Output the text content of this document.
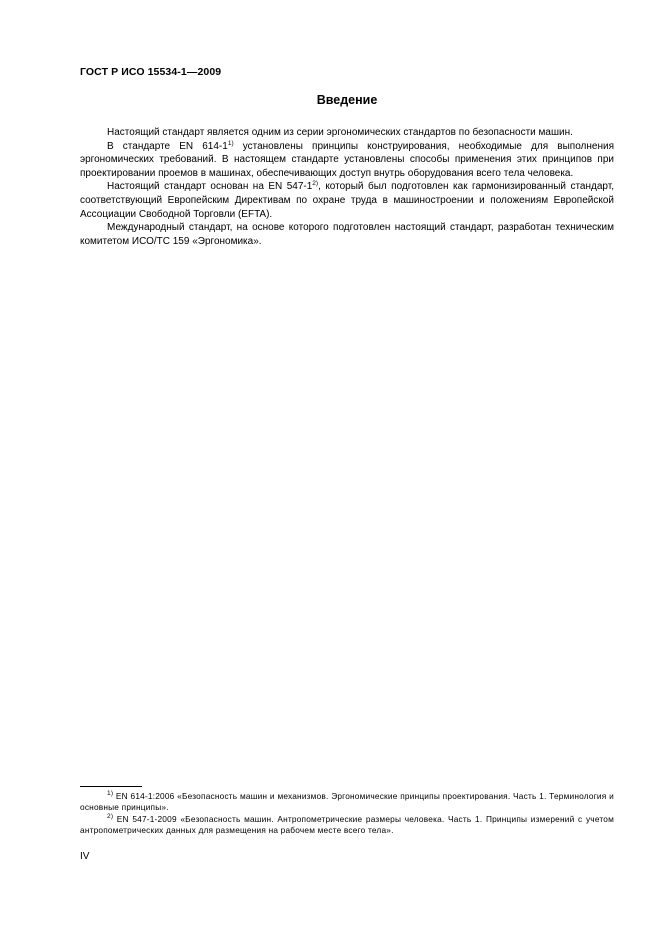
ГОСТ Р ИСО 15534-1—2009
Введение

Настоящий стандарт является одним из серии эргономических стандартов по безопасности машин.

В стандарте EN 614-1$^{1)}$ установлены принципы конструирования, необходимые для выполнения эргономических требований. В настоящем стандарте установлены способы применения этих принципов при проектировании проемов в машинах, обеспечивающих доступ внутрь оборудования всего тела человека.

Настоящий стандарт основан на EN 547-1$^{2)}$, который был подготовлен как гармонизированный стандарт, соответствующий Европейским Директивам по охране труда в машиностроении и положениям Европейской Ассоциации Свободной Торговли (EFTA).

Международный стандарт, на основе которого подготовлен настоящий стандарт, разработан техническим комитетом ИСО/ТС 159 «Эргономика».

$^{1)}$ EN 614-1:2006 «Безопасность машин и механизмов. Эргономические принципы проектирования. Часть 1. Терминология и основные принципы».

$^{2)}$ EN 547-1-2009 «Безопасность машин. Антропометрические размеры человека. Часть 1. Принципы измерений с учетом антропометрических данных для размещения на рабочем месте всего тела».

IV
